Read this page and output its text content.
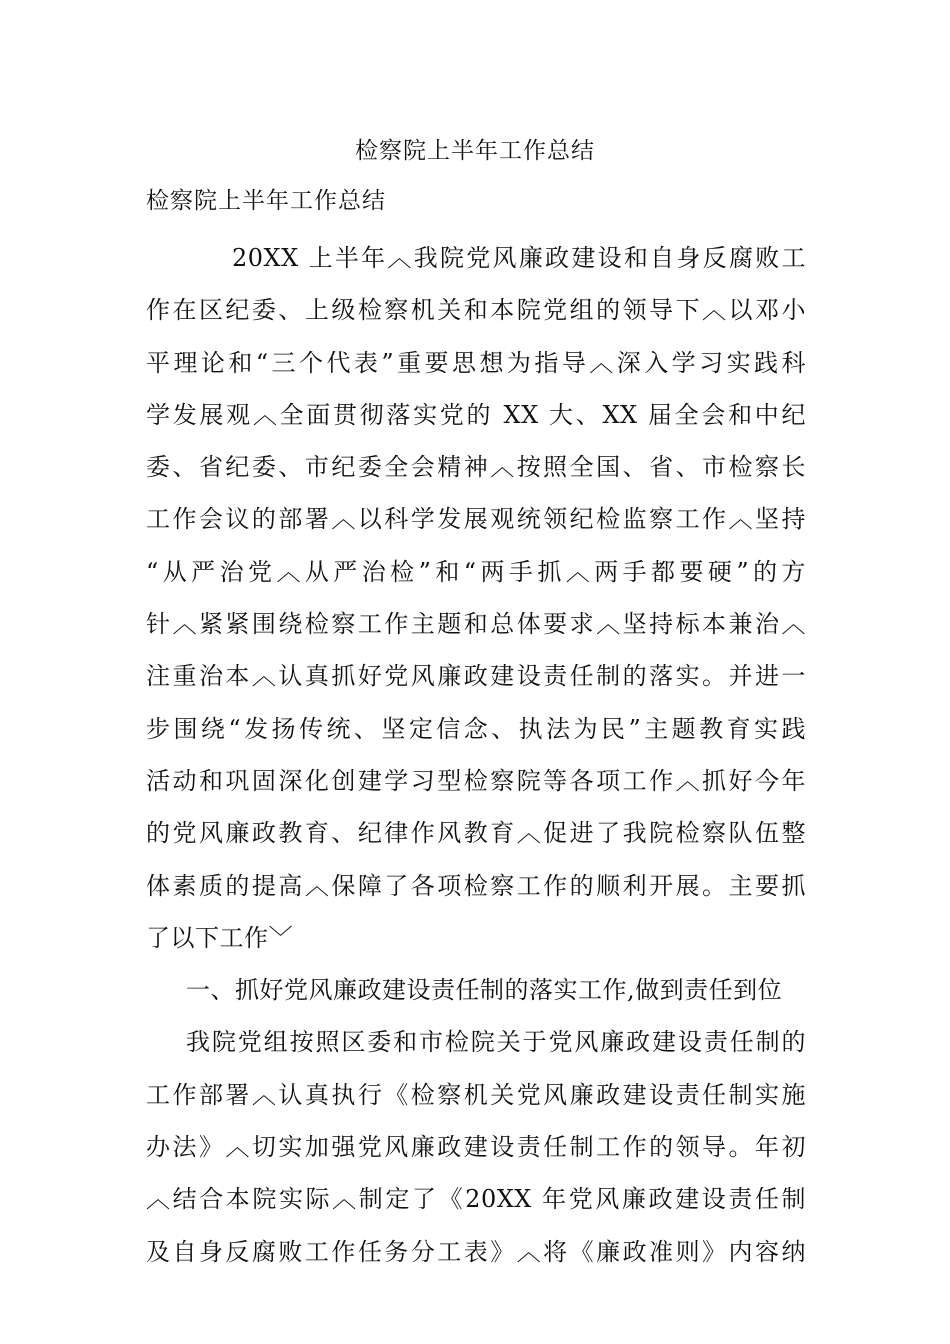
检察院上半年工作总结
检察院上半年工作总结
20XX 上半年︿我院党风廉政建设和自身反腐败工
作在区纪委、上级检察机关和本院党组的领导下︿以邓小
平理论和“三个代表”重要思想为指导︿深入学习实践科
学发展观︿全面贯彻落实党的 XX 大、XX 届全会和中纪
委、省纪委、市纪委全会精神︿按照全国、省、市检察长
工作会议的部署︿以科学发展观统领纪检监察工作︿坚持
“从严治党︿从严治检”和“两手抓︿两手都要硬”的方
针︿紧紧围绕检察工作主题和总体要求︿坚持标本兼治︿
注重治本︿认真抓好党风廉政建设责任制的落实。并进一
步围绕“发扬传统、坚定信念、执法为民”主题教育实践
活动和巩固深化创建学习型检察院等各项工作︿抓好今年
的党风廉政教育、纪律作风教育︿促进了我院检察队伍整
体素质的提高︿保障了各项检察工作的顺利开展。主要抓
了以下工作﹀
一、抓好党风廉政建设责任制的落实工作,做到责任到位
我院党组按照区委和市检院关于党风廉政建设责任制的
工作部署︿认真执行《检察机关党风廉政建设责任制实施
办法》︿切实加强党风廉政建设责任制工作的领导。年初
︿结合本院实际︿制定了《20XX 年党风廉政建设责任制
及自身反腐败工作任务分工表》︿将《廉政准则》内容纳
